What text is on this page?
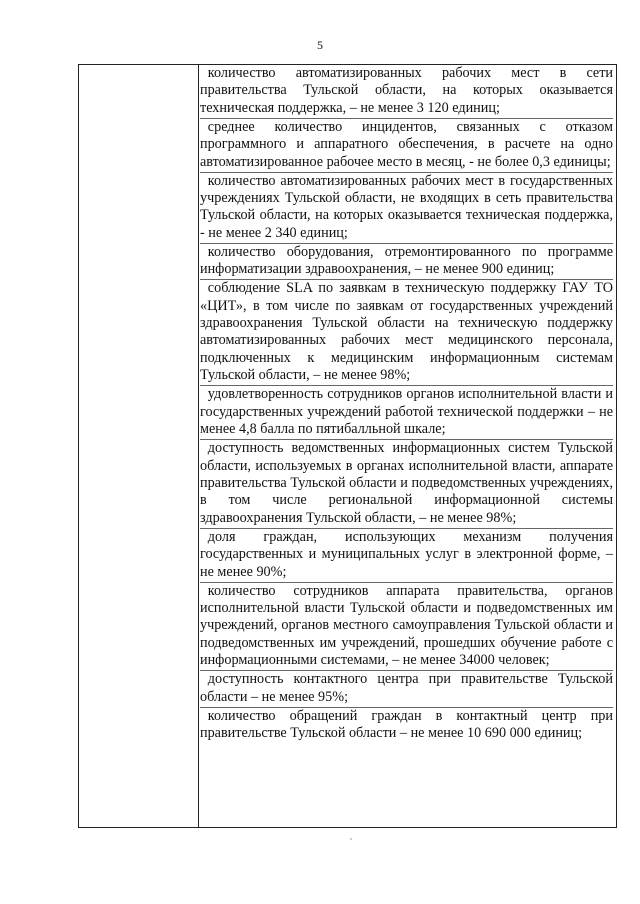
5
количество автоматизированных рабочих мест в сети правительства Тульской области, на которых оказывается техническая поддержка, – не менее 3 120 единиц;
среднее количество инцидентов, связанных с отказом программного и аппаратного обеспечения, в расчете на одно автоматизированное рабочее место в месяц, - не более 0,3 единицы;
количество автоматизированных рабочих мест в государственных учреждениях Тульской области, не входящих в сеть правительства Тульской области, на которых оказывается техническая поддержка, - не менее 2 340 единиц;
количество оборудования, отремонтированного по программе информатизации здравоохранения, – не менее 900 единиц;
соблюдение SLA по заявкам в техническую поддержку ГАУ ТО «ЦИТ», в том числе по заявкам от государственных учреждений здравоохранения Тульской области на техническую поддержку автоматизированных рабочих мест медицинского персонала, подключенных к медицинским информационным системам Тульской области, – не менее 98%;
удовлетворенность сотрудников органов исполнительной власти и государственных учреждений работой технической поддержки – не менее 4,8 балла по пятибалльной шкале;
доступность ведомственных информационных систем Тульской области, используемых в органах исполнительной власти, аппарате правительства Тульской области и подведомственных учреждениях, в том числе региональной информационной системы здравоохранения Тульской области, – не менее 98%;
доля граждан, использующих механизм получения государственных и муниципальных услуг в электронной форме, – не менее 90%;
количество сотрудников аппарата правительства, органов исполнительной власти Тульской области и подведомственных им учреждений, органов местного самоуправления Тульской области и подведомственных им учреждений, прошедших обучение работе с информационными системами, – не менее 34000 человек;
доступность контактного центра при правительстве Тульской области – не менее 95%;
количество обращений граждан в контактный центр при правительстве Тульской области – не менее 10 690 000 единиц;
